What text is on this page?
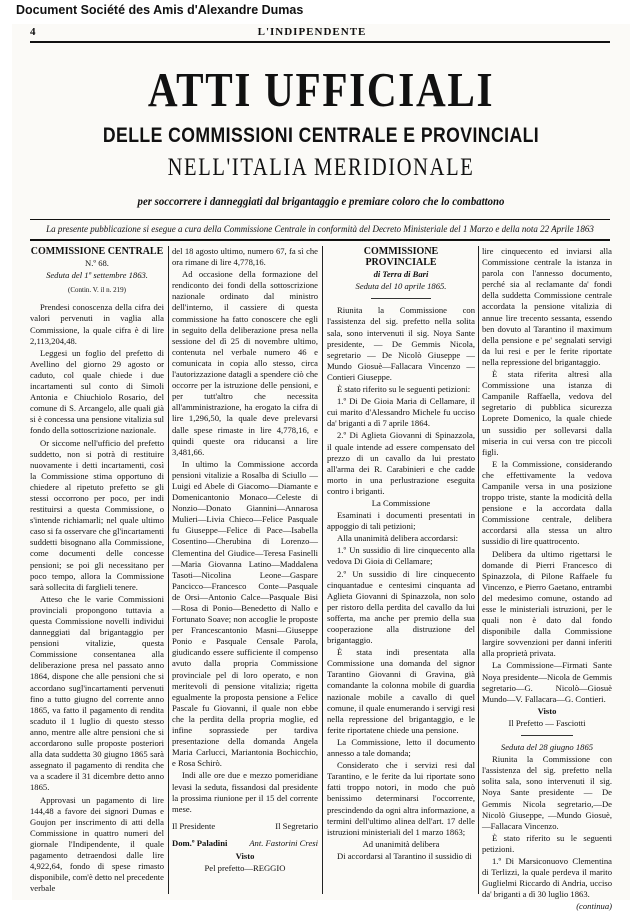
Document Société des Amis d'Alexandre Dumas
4	L'INDIPENDENTE
ATTI UFFICIALI
DELLE COMMISSIONI CENTRALE E PROVINCIALI
NELL'ITALIA MERIDIONALE
per soccorrere i danneggiati dal brigantaggio e premiare coloro che lo combattono
La presente pubblicazione si esegue a cura della Commissione Centrale in conformità del Decreto Ministeriale del 1 Marzo e della nota 22 Aprile 1863

COMMISSIONE CENTRALE

N.º 68.

Seduta del 1º settembre 1863.

(Contin. V. il n. 219)

Prendesi conoscenza della cifra dei valori pervenuti in vaglia alla Commissione, la quale cifra è di lire 2,113,204,48.

Leggesi un foglio del prefetto di Avellino del giorno 29 agosto or caduto, col quale chiede i due incartamenti sul conto di Simoli Antonia e Chiuchiolo Rosario, del comune di S. Arcangelo, alle quali già si è concessa una pensione vitalizia sul fondo della sottoscrizione nazionale.

Or siccome nell'ufficio del prefetto suddetto, non si potrà di restituire nuovamente i detti incartamenti, così la Commissione stima opportuno di chiedere al ripetuto prefetto se gli stessi occorrono per poco, per indi restituirsi a questa Commissione, o s'intende richiamarli; nel quale ultimo caso si fa osservare che gl'incartamenti suddetti bisognano alla Commissione, come documenti delle concesse pensioni; se poi gli necessitano per poco tempo, allora la Commissione sarà sollecita di farglieli tenere.

Atteso che le varie Commissioni provinciali propongono tuttavia a questa Commissione novelli individui danneggiati dal brigantaggio per pensioni vitalizie, questa Commissione consentanea alla deliberazione presa nel passato anno 1864, dispone che alle pensioni che si accordano sugl'incartamenti pervenuti fino a tutto giugno del corrente anno 1865, va fatto il pagamento di rendita scaduto il 1 luglio di questo stesso anno, mentre alle altre pensioni che si accordarono sulle proposte posteriori alla data suddetta 30 giugno 1865 sarà assegnato il pagamento di rendita che va a scadere il 31 dicembre detto anno 1865.

Approvasi un pagamento di lire 144,48 a favore dei signori Dumas e Goujon per inscrimento di atti della Commissione in quattro numeri del giornale l'Indipendente, il quale pagamento detraendosi dalle lire 4,922,64, fondo di spese rimasto disponibile, com'è detto nel precedente verbale

del 18 agosto ultimo, numero 67, fa sì che ora rimane di lire 4,778,16.

Ad occasione della formazione del rendiconto dei fondi della sottoscrizione nazionale ordinato dal ministro dell'interno, il cassiere di questa commissione ha fatto conoscere che egli in seguito della deliberazione presa nella sessione del dì 25 di novembre ultimo, contenuta nel verbale numero 46 e comunicata in copia allo stesso, circa l'autorizzazione datagli a spendere ciò che occorre per la istruzione delle pensioni, e per tutt'altro che necessita all'amministrazione, ha erogato la cifra di lire 1,296,50, la quale deve prelevarsi dalle spese rimaste in lire 4,778,16, e quindi queste ora riducansi a lire 3,481,66.

In ultimo la Commissione accorda pensioni vitalizie a Rosalba di Sciullo — Luigi ed Abele di Giacomo—Diamante e Domenicantonio Monaco—Celeste di Nonzio—Donato Giannini—Annarosa Mulieri—Livia Chieco—Felice Pasquale fu Giuseppe—Felice di Pace—Isabella Cosentino—Cherubina di Lorenzo—Clementina del Giudice—Teresa Fasinelli—Maria Giovanna Latino—Maddalena Tasoti—Nicolina Leone—Gaspare Pancicco—Francesco Conte—Pasquale de Orsi—Antonio Calce—Pasquale Bisi—Rosa di Ponio—Benedetto di Nallo e Fortunato Soave; non accoglie le proposte per Francescantonio Masni—Giuseppe Ponio e Pasquale Censale Parola, giudicando essere sufficiente il compenso avuto dalla propria Commissione provinciale pel di loro operato, e non meritevoli di pensione vitalizia; rigetta egualmente la proposta pensione a Felice Pascale fu Giovanni, il quale non ebbe che la perdita della propria moglie, ed infine soprassiede per tardiva presentazione della domanda Angela Maria Carlucci, Mariantonia Bochicchio, e Rosa Schirò.

Indi alle ore due e mezzo pomeridiane levasi la seduta, fissandosi dal presidente la prossima riunione per il 15 del corrente mese.

Il Presidente	Il Segretario
Dom.º Paladini	Ant. Fastorini Cresi

Visto

Pel prefetto—REGGIO

COMMISSIONE PROVINCIALE

di Terra di Bari

Seduta del 10 aprile 1865.

Riunita la Commissione con l'assistenza del sig. prefetto nella solita sala, sono intervenuti il sig. Noya Sante presidente, — De Gemmis Nicola, segretario — De Nicolò Giuseppe — Mundo Giosuè—Fallacara Vincenzo — Contieri Giuseppe.

È stato riferito su le seguenti petizioni:

1.º Di De Gioia Maria di Cellamare, il cui marito d'Alessandro Michele fu ucciso da' briganti a dì 7 aprile 1864.

2.º Di Aglieta Giovanni di Spinazzola, il quale intende ad essere compensato del prezzo di un cavallo da lui prestato all'arma dei R. Carabinieri e che cadde morto in una perlustrazione eseguita contro i briganti.

La Commissione

Esaminati i documenti presentati in appoggio di tali petizioni;

Alla unanimità delibera accordarsi:

1.º Un sussidio di lire cinquecento alla vedova Di Gioia di Cellamare;

2.º Un sussidio di lire cinquecento cinquantadue e centesimi cinquanta ad Aglieta Giovanni di Spinazzola, non solo per ristoro della perdita del cavallo da lui sofferta, ma anche per premio della sua cooperazione alla distruzione del brigantaggio.

È stata indi presentata alla Commissione una domanda del signor Tarantino Giovanni di Gravina, già comandante la colonna mobile di guardia nazionale mobile a cavallo di quel comune, il quale enumerando i servigi resi nella repressione del brigantaggio, e le ferite riportatene chiede una pensione.

La Commissione, letto il documento annesso a tale domanda;

Considerato che i servizi resi dal Tarantino, e le ferite da lui riportate sono fatti troppo notori, in modo che può benissimo determinarsi l'occorrente, prescindendo da ogni altra informazione, a termini dell'ultimo alinea dell'art. 17 delle istruzioni ministeriali del 1 marzo 1863;

Ad unanimità delibera

Di accordarsi al Tarantino il sussidio di

lire cinquecento ed inviarsi alla Commissione centrale la istanza in parola con l'annesso documento, perché sia al reclamante da' fondi della suddetta Commissione centrale accordata la pensione vitalizia di annue lire trecento sessanta, essendo ben dovuto al Tarantino il maximum della pensione e pe' segnalati servigi da lui resi e per le ferite riportate nella repressione del brigantaggio.

È stata riferita altresì alla Commissione una istanza di Campanile Raffaella, vedova del segretario di pubblica sicurezza Loprete Domenico, la quale chiede un sussidio per sollevarsi dalla miseria in cui versa con tre piccoli figli.

E la Commissione, considerando che effettivamente la vedova Campanile versa in una posizione troppo triste, stante la modicità della pensione e la accordata dalla Commissione centrale, delibera accordarsi alla stessa un altro sussidio di lire quattrocento.

Delibera da ultimo rigettarsi le domande di Pierri Francesco di Spinazzola, di Pilone Raffaele fu Vincenzo, e Pierro Gaetano, entrambi del medesimo comune, ostando ad esse le ministeriali istruzioni, per le quali non è dato dal fondo disponibile dalla Commissione largire sovvenzioni per danni inferiti alla proprietà privata.

La Commissione—Firmati Sante Noya presidente—Nicola de Gemmis segretario—G. Nicolò—Giosuè Mundo—V. Fallacara—G. Contieri.

Visto

Il Prefetto — Fasciotti

Seduta del 28 giugno 1865

Riunita la Commissione con l'assistenza del sig. prefetto nella solita sala, sono intervenuti il sig. Noya Sante presidente — De Gemmis Nicola segretario,—De Nicolò Giuseppe, —Mundo Giosuè,—Fallacara Vincenzo.

È stato riferito su le seguenti petizioni.

1.º Di Marsiconuovo Clementina di Terlizzi, la quale perdeva il marito Guglielmi Riccardo di Andria, ucciso da' briganti a dì 30 luglio 1863.

(continua)
